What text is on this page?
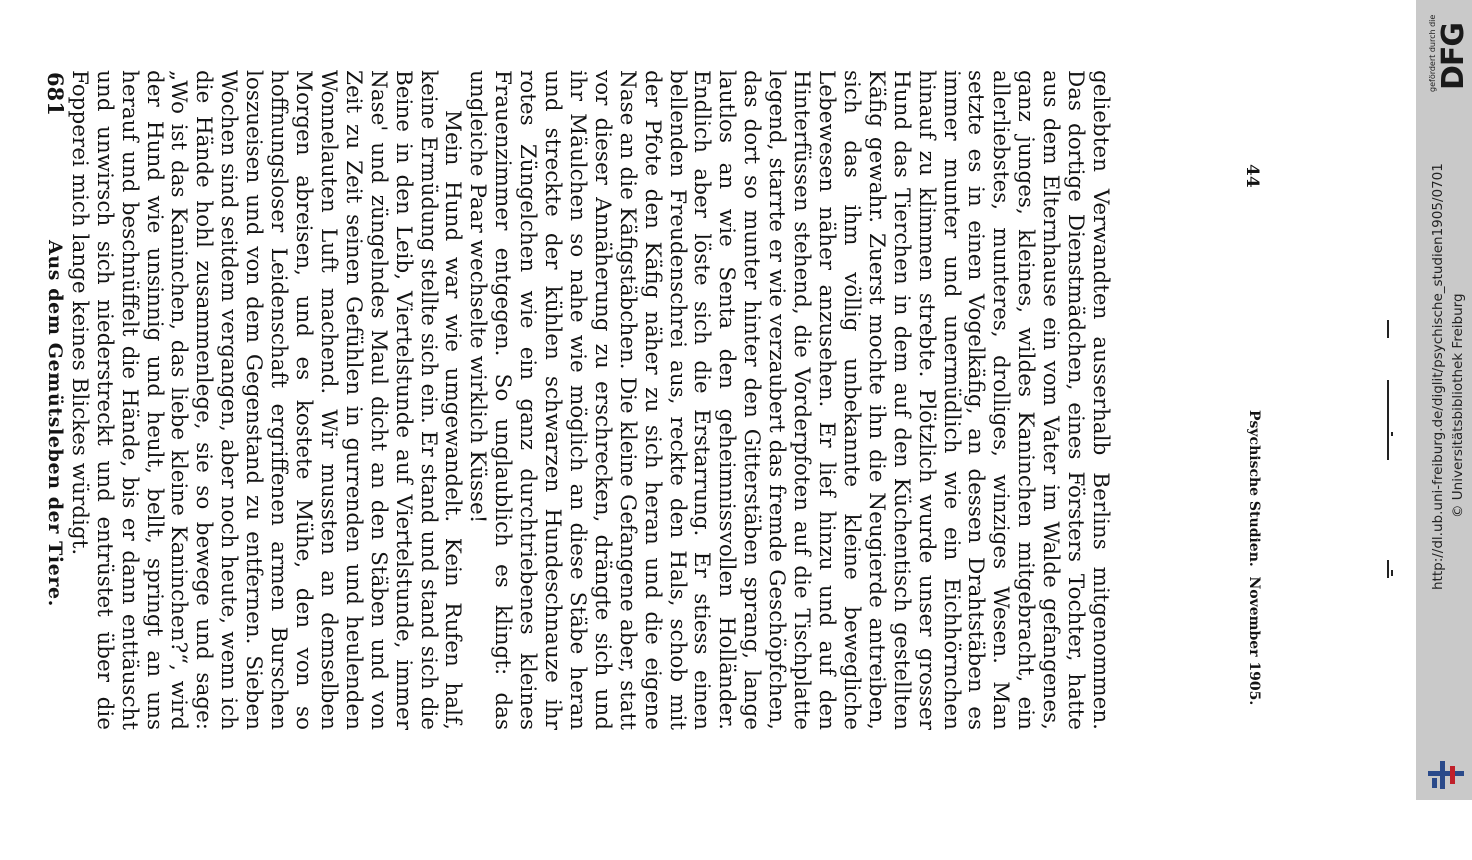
geliebten Verwandten ausserhalb Berlins mitgenommen. Das dortige Dienstmädchen, eines Försters Tochter, hatte aus dem Elternhause ein vom Vater im Walde gefangenes, ganz junges, kleines, wildes Kaninchen mitgebracht, ein allerliebstes, munteres, drolliges, winziges Wesen. Man setzte es in einen Vogelkäfig, an dessen Drahtstäben es immer munter und unermüdlich wie ein Eichhörnchen hinauf zu klimmen strebte. Plötzlich wurde unser grosser Hund das Tierchen in dem auf den Küchentisch gestellten Käfig gewahr. Zuerst mochte ihn die Neugierde antreiben, sich das ihm völlig unbekannte kleine bewegliche Lebewesen näher anzusehen. Er lief hinzu und auf den Hinterfüssen stehend, die Vorderpfoten auf die Tischplatte legend, starrte er wie verzaubert das fremde Geschöpfchen, das dort so munter hinter den Gitterstäben sprang, lange lautlos an wie Senta den geheimnissvollen Holländer. Endlich aber löste sich die Erstarrung. Er stiess einen bellenden Freudenschrei aus, reckte den Hals, schob mit der Pfote den Käfig näher zu sich heran und die eigene Nase an die Käfigstäbchen. Die kleine Gefangene aber, statt vor dieser Annäherung zu erschrecken, drängte sich und ihr Mäulchen so nahe wie möglich an diese Stäbe heran und streckte der kühlen schwarzen Hundeschnauze ihr rotes Züngelchen wie ein ganz durchtriebenes kleines Frauenzimmer entgegen. So unglaublich es klingt: das ungleiche Paar wechselte wirklich Küsse!
Mein Hund war wie umgewandelt. Kein Rufen half, keine Ermüdung stellte sich ein. Er stand und stand sich die Beine in den Leib, Viertelstunde auf Viertelstunde, immer Nase' und züngelndes Maul dicht an den Stäben und von Zeit zu Zeit seinen Gefühlen in gurrenden und heulenden Wonnelauten Luft machend. Wir mussten an demselben Morgen abreisen, und es kostete Mühe, den von so hoffnungsloser Leidenschaft ergriffenen armen Burschen loszueisen und von dem Gegenstand zu entfernen. Sieben Wochen sind seitdem vergangen, aber noch heute, wenn ich die Hände hohl zusammenlege, sie so bewege und sage: „Wo ist das Kaninchen, das liebe kleine Kaninchen?“, wird der Hund wie unsinnig und heult, bellt, springt an uns herauf und beschnüffelt die Hände, bis er dann enttäuscht und unwirsch sich niederstreckt und entrüstet über die Fopperei mich lange keines Blickes würdigt.
Aus dem Gemütsleben der Tiere.
681
44
Psychische Studien.  November 1905.	http://dl.ub.uni-freiburg.de/diglit/psychische_studien1905/0701 © Universitätsbibliothek Freiburg
gefördert durch die DFG
